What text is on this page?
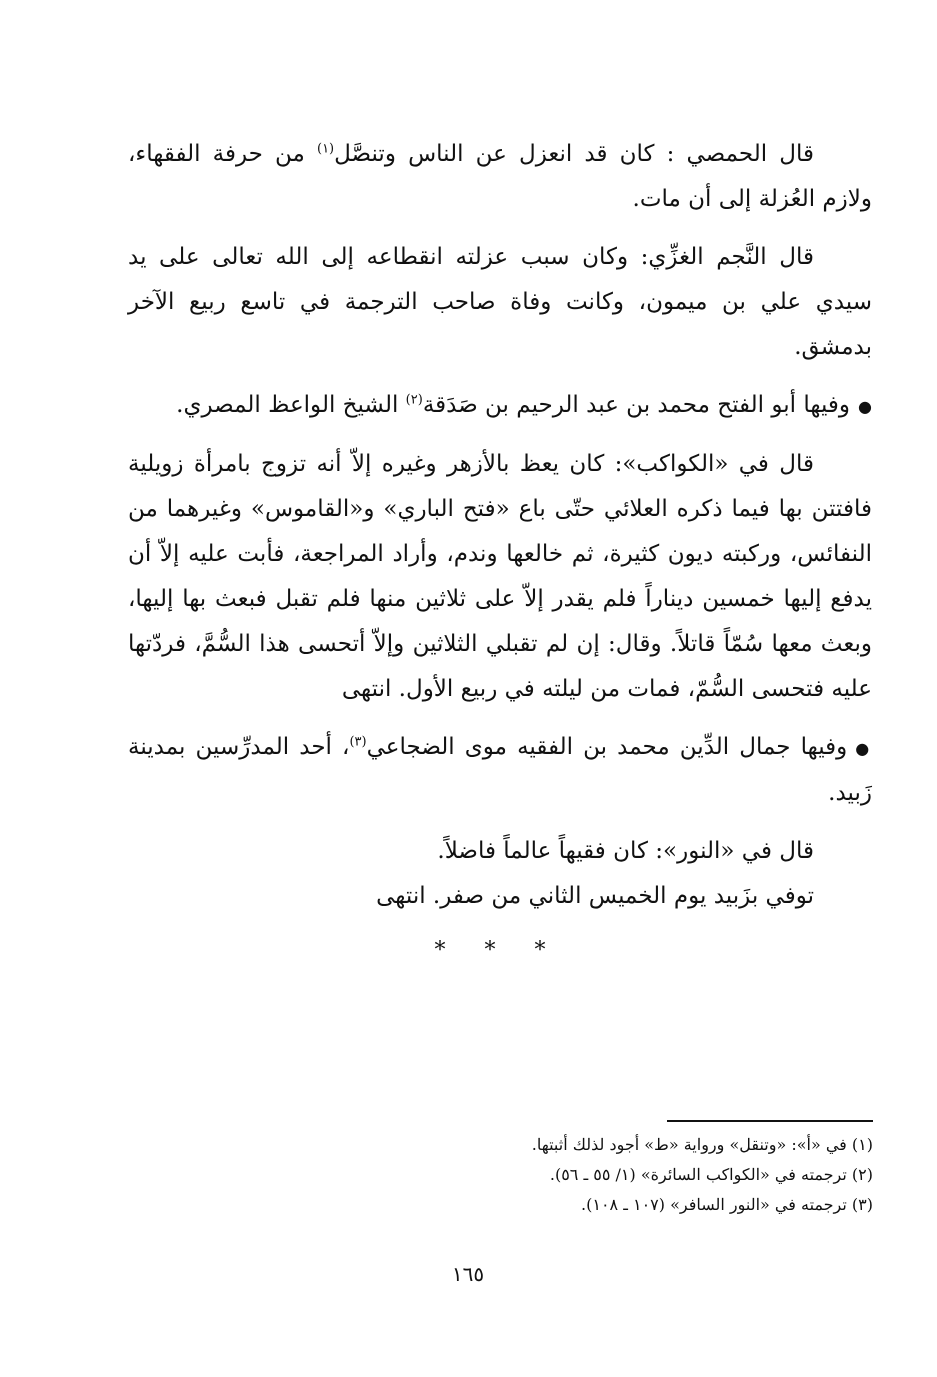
قال الحمصي : كان قد انعزل عن الناس وتنصَّل$^{(١)}$ من حرفة الفقهاء، ولازم العُزلة إلى أن مات.

قال النَّجم الغزِّي: وكان سبب عزلته انقطاعه إلى الله تعالى على يد سيدي علي بن ميمون، وكانت وفاة صاحب الترجمة في تاسع ربيع الآخر بدمشق.

●وفيها أبو الفتح محمد بن عبد الرحيم بن صَدَقة$^{(٢)}$ الشيخ الواعظ المصري.

قال في «الكواكب»: كان يعظ بالأزهر وغيره إلاّ أنه تزوج بامرأة زويلية فافتتن بها فيما ذكره العلائي حتّى باع «فتح الباري» و«القاموس» وغيرهما من النفائس، وركبته ديون كثيرة، ثم خالعها وندم، وأراد المراجعة، فأبت عليه إلاّ أن يدفع إليها خمسين ديناراً فلم يقدر إلاّ على ثلاثين منها فلم تقبل فبعث بها إليها، وبعث معها سُمّاً قاتلاً. وقال: إن لم تقبلي الثلاثين وإلاّ أتحسى هذا السُّمَّ، فردّتها عليه فتحسى السُّمّ، فمات من ليلته في ربيع الأول. انتهى

●وفيها جمال الدِّين محمد بن الفقيه موى الضجاعي$^{(٣)}$، أحد المدرِّسين بمدينة زَبيد.

قال في «النور»: كان فقيهاً عالماً فاضلاً.

توفي بزَبيد يوم الخميس الثاني من صفر. انتهى

* * *

(١) في «أ»: «وتنقل» ورواية «ط» أجود لذلك أثبتها.

(٢) ترجمته في «الكواكب السائرة» (١/ ٥٥ ـ ٥٦).

(٣) ترجمته في «النور السافر» (١٠٧ ـ ١٠٨).

١٦٥
